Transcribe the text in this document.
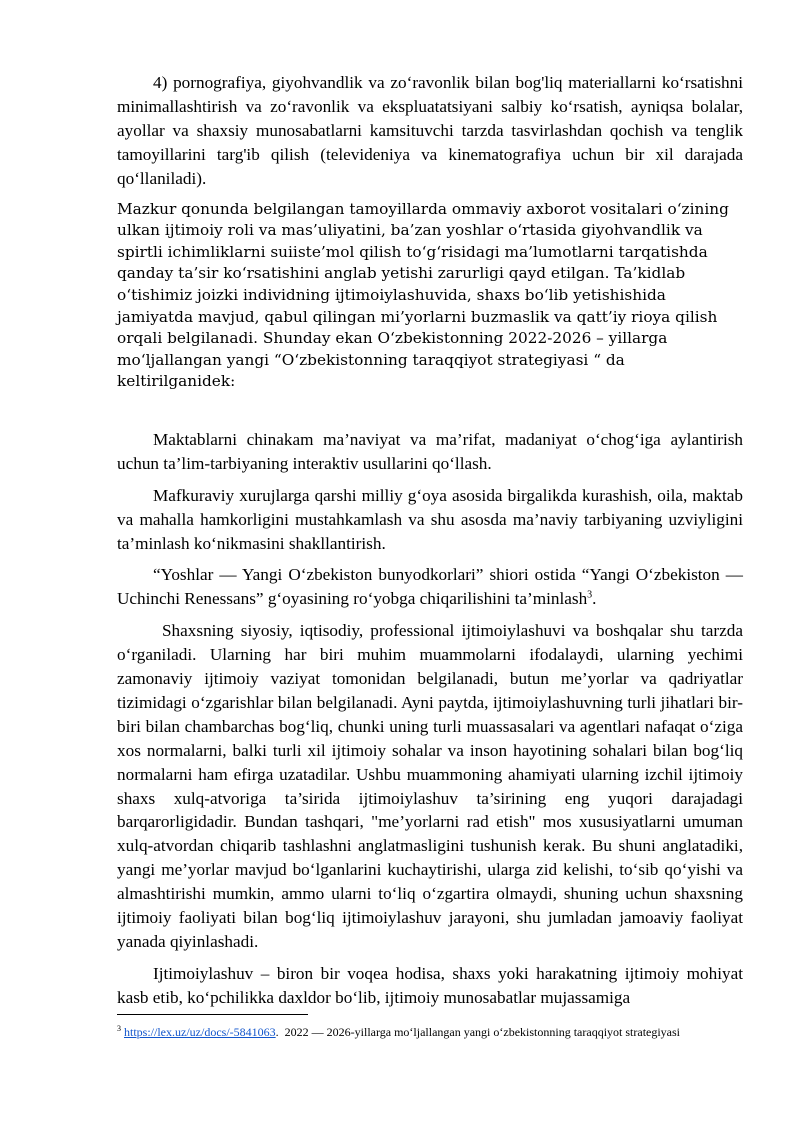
4) pornografiya, giyohvandlik va zo‘ravonlik bilan bog'liq materiallarni ko‘rsatishni minimallashtirish va zo‘ravonlik va ekspluatatsiyani salbiy ko‘rsatish, ayniqsa bolalar, ayollar va shaxsiy munosabatlarni kamsituvchi tarzda tasvirlashdan qochish va tenglik tamoyillarini targ'ib qilish (televideniya va kinematografiya uchun bir xil darajada qo‘llaniladi).

Mazkur qonunda belgilangan tamoyillarda ommaviy axborot vositalari o‘zining ulkan ijtimoiy roli va mas’uliyatini, ba’zan yoshlar o‘rtasida giyohvandlik va spirtli ichimliklarni suiiste’mol qilish to‘g‘risidagi ma’lumotlarni tarqatishda qanday ta’sir ko‘rsatishini anglab yetishi zarurligi qayd etilgan. Ta’kidlab o‘tishimiz joizki individning ijtimoiylashuvida, shaxs bo‘lib yetishishida jamiyatda mavjud, qabul qilingan mi’yorlarni buzmaslik va qatt’iy rioya qilish orqali belgilanadi. Shunday ekan O‘zbekistonning 2022-2026 – yillarga mo‘ljallangan yangi “O‘zbekistonning taraqqiyot strategiyasi “ da keltirilganidek:

Maktablarni chinakam ma’naviyat va ma’rifat, madaniyat o‘chog‘iga aylantirish uchun ta’lim-tarbiyaning interaktiv usullarini qo‘llash.

Mafkuraviy xurujlarga qarshi milliy g‘oya asosida birgalikda kurashish, oila, maktab va mahalla hamkorligini mustahkamlash va shu asosda ma’naviy tarbiyaning uzviyligini ta’minlash ko‘nikmasini shakllantirish.

“Yoshlar — Yangi O‘zbekiston bunyodkorlari” shiori ostida “Yangi O‘zbekiston — Uchinchi Renessans” g‘oyasining ro‘yobga chiqarilishini ta’minlash$^3$.

Shaxsning siyosiy, iqtisodiy, professional ijtimoiylashuvi va boshqalar shu tarzda o‘rganiladi. Ularning har biri muhim muammolarni ifodalaydi, ularning yechimi zamonaviy ijtimoiy vaziyat tomonidan belgilanadi, butun me’yorlar va qadriyatlar tizimidagi o‘zgarishlar bilan belgilanadi. Ayni paytda, ijtimoiylashuvning turli jihatlari bir-biri bilan chambarchas bog‘liq, chunki uning turli muassasalari va agentlari nafaqat o‘ziga xos normalarni, balki turli xil ijtimoiy sohalar va inson hayotining sohalari bilan bog‘liq normalarni ham efirga uzatadilar. Ushbu muammoning ahamiyati ularning izchil ijtimoiy shaxs xulq-atvoriga ta’sirida ijtimoiylashuv ta’sirining eng yuqori darajadagi barqarorligidadir. Bundan tashqari, "me’yorlarni rad etish" mos xususiyatlarni umuman xulq-atvordan chiqarib tashlashni anglatmasligini tushunish kerak. Bu shuni anglatadiki, yangi me’yorlar mavjud bo‘lganlarini kuchaytirishi, ularga zid kelishi, to‘sib qo‘yishi va almashtirishi mumkin, ammo ularni to‘liq o‘zgartira olmaydi, shuning uchun shaxsning ijtimoiy faoliyati bilan bog‘liq ijtimoiylashuv jarayoni, shu jumladan jamoaviy faoliyat yanada qiyinlashadi.

Ijtimoiylashuv – biron bir voqea hodisa, shaxs yoki harakatning ijtimoiy mohiyat kasb etib, ko‘pchilikka daxldor bo‘lib, ijtimoiy munosabatlar mujassamiga

$^3$ https://lex.uz/uz/docs/-5841063. 2022 — 2026-yillarga mo‘ljallangan yangi o‘zbekistonning taraqqiyot strategiyasi
